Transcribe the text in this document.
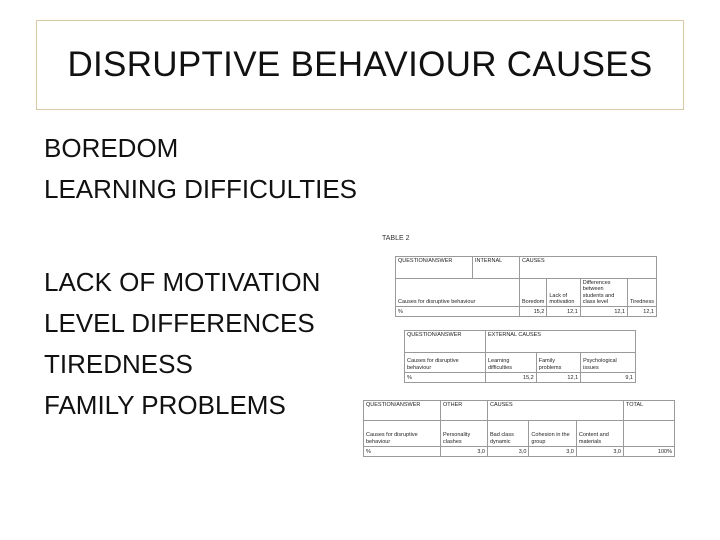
DISRUPTIVE BEHAVIOUR CAUSES
BOREDOM
LEARNING DIFFICULTIES
LACK OF MOTIVATION
LEVEL DIFFERENCES
TIREDNESS
FAMILY PROBLEMS
TABLE 2
QUESTION/ANSWER	INTERNAL	CAUSES			
Causes for disruptive behaviour		Boredom	Lack of motivation	Differences between students and class level	Tiredness
%		15,2	12,1	12,1	12,1
QUESTION/ANSWER	EXTERNAL CAUSES		
Causes for disruptive behaviour	Learning difficulties	Family problems	Psychological issues
%	15,2	12,1	9,1
QUESTION/ANSWER	OTHER	CAUSES			TOTAL
Causes for disruptive behaviour	Personality clashes	Bad class dynamic	Cohesion in the group	Content and materials	
%	3,0	3,0	3,0	3,0	100%
